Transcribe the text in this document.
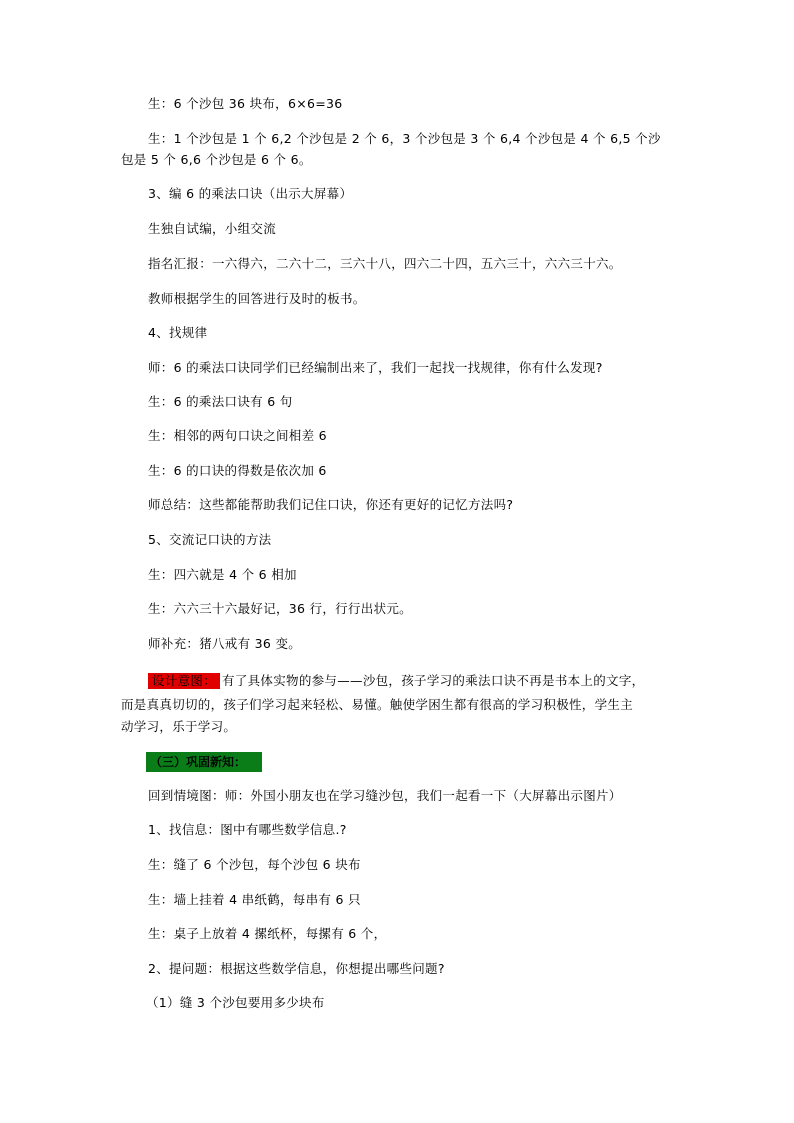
生：6 个沙包 36 块布，6×6=36
生：1 个沙包是 1 个 6,2 个沙包是 2 个 6，3 个沙包是 3 个 6,4 个沙包是 4 个 6,5 个沙
包是 5 个 6,6 个沙包是 6 个 6。
3、编 6 的乘法口诀（出示大屏幕）
生独自试编，小组交流
指名汇报：一六得六，二六十二，三六十八，四六二十四，五六三十，六六三十六。
教师根据学生的回答进行及时的板书。
4、找规律
师：6 的乘法口诀同学们已经编制出来了，我们一起找一找规律，你有什么发现?
生：6 的乘法口诀有 6 句
生：相邻的两句口诀之间相差 6
生：6 的口诀的得数是依次加 6
师总结：这些都能帮助我们记住口诀，你还有更好的记忆方法吗?
5、交流记口诀的方法
生：四六就是 4 个 6 相加
生：六六三十六最好记，36 行，行行出状元。
师补充：猪八戒有 36 变。
设计意图： 有了具体实物的参与——沙包，孩子学习的乘法口诀不再是书本上的文字，
而是真真切切的，孩子们学习起来轻松、易懂。触使学困生都有很高的学习积极性，学生主
动学习，乐于学习。
（三）巩固新知：
回到情境图：师：外国小朋友也在学习缝沙包，我们一起看一下（大屏幕出示图片）
1、找信息：图中有哪些数学信息.?
生：缝了 6 个沙包，每个沙包 6 块布
生：墙上挂着 4 串纸鹤，每串有 6 只
生：桌子上放着 4 摞纸杯，每摞有 6 个，
2、提问题：根据这些数学信息，你想提出哪些问题?
（1）缝 3 个沙包要用多少块布
